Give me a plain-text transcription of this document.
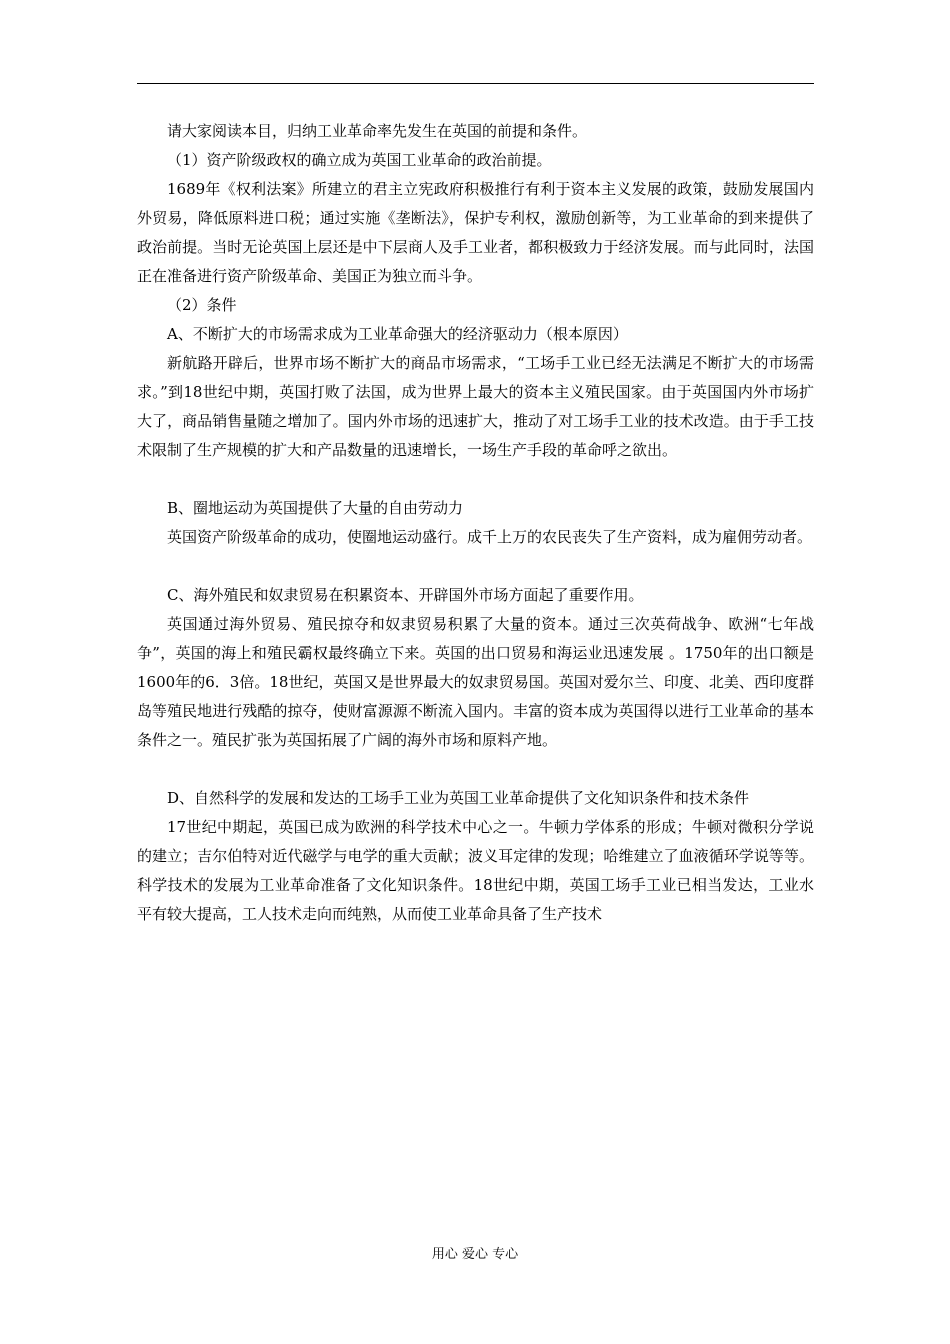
请大家阅读本目，归纳工业革命率先发生在英国的前提和条件。

（1）资产阶级政权的确立成为英国工业革命的政治前提。

1689年《权利法案》所建立的君主立宪政府积极推行有利于资本主义发展的政策，鼓励发展国内外贸易，降低原料进口税；通过实施《垄断法》，保护专利权，激励创新等，为工业革命的到来提供了政治前提。当时无论英国上层还是中下层商人及手工业者，都积极致力于经济发展。而与此同时，法国正在准备进行资产阶级革命、美国正为独立而斗争。

（2）条件

A、不断扩大的市场需求成为工业革命强大的经济驱动力（根本原因）

新航路开辟后，世界市场不断扩大的商品市场需求，“工场手工业已经无法满足不断扩大的市场需求。”到18世纪中期，英国打败了法国，成为世界上最大的资本主义殖民国家。由于英国国内外市场扩大了，商品销售量随之增加了。国内外市场的迅速扩大，推动了对工场手工业的技术改造。由于手工技术限制了生产规模的扩大和产品数量的迅速增长，一场生产手段的革命呼之欲出。

B、圈地运动为英国提供了大量的自由劳动力

英国资产阶级革命的成功，使圈地运动盛行。成千上万的农民丧失了生产资料，成为雇佣劳动者。

C、海外殖民和奴隶贸易在积累资本、开辟国外市场方面起了重要作用。

英国通过海外贸易、殖民掠夺和奴隶贸易积累了大量的资本。通过三次英荷战争、欧洲“七年战争”，英国的海上和殖民霸权最终确立下来。英国的出口贸易和海运业迅速发展 。1750年的出口额是1600年的6．3倍。18世纪，英国又是世界最大的奴隶贸易国。英国对爱尔兰、印度、北美、西印度群岛等殖民地进行残酷的掠夺，使财富源源不断流入国内。丰富的资本成为英国得以进行工业革命的基本条件之一。殖民扩张为英国拓展了广阔的海外市场和原料产地。

D、自然科学的发展和发达的工场手工业为英国工业革命提供了文化知识条件和技术条件

17世纪中期起，英国已成为欧洲的科学技术中心之一。牛顿力学体系的形成；牛顿对微积分学说的建立；吉尔伯特对近代磁学与电学的重大贡献；波义耳定律的发现；哈维建立了血液循环学说等等。科学技术的发展为工业革命准备了文化知识条件。18世纪中期，英国工场手工业已相当发达，工业水平有较大提高，工人技术走向而纯熟，从而使工业革命具备了生产技术

用心 爱心 专心
